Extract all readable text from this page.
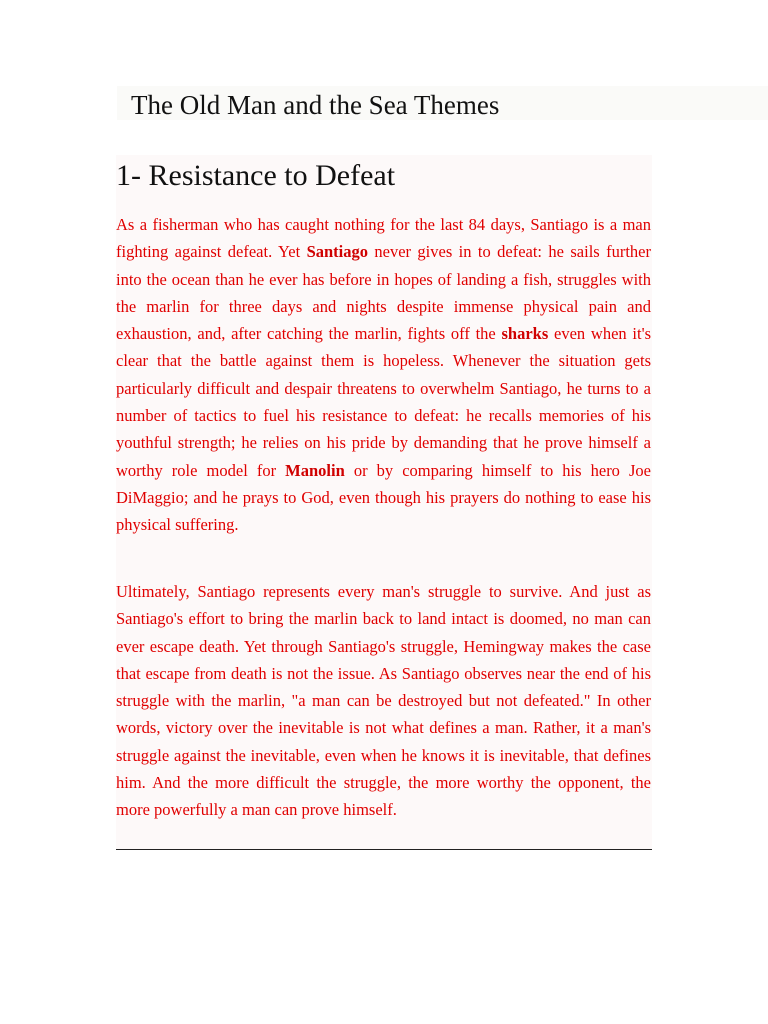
The Old Man and the Sea Themes
1- Resistance to Defeat

As a fisherman who has caught nothing for the last 84 days, Santiago is a man fighting against defeat. Yet Santiago never gives in to defeat: he sails further into the ocean than he ever has before in hopes of landing a fish, struggles with the marlin for three days and nights despite immense physical pain and exhaustion, and, after catching the marlin, fights off the sharks even when it's clear that the battle against them is hopeless. Whenever the situation gets particularly difficult and despair threatens to overwhelm Santiago, he turns to a number of tactics to fuel his resistance to defeat: he recalls memories of his youthful strength; he relies on his pride by demanding that he prove himself a worthy role model for Manolin or by comparing himself to his hero Joe DiMaggio; and he prays to God, even though his prayers do nothing to ease his physical suffering.

Ultimately, Santiago represents every man's struggle to survive. And just as Santiago's effort to bring the marlin back to land intact is doomed, no man can ever escape death. Yet through Santiago's struggle, Hemingway makes the case that escape from death is not the issue. As Santiago observes near the end of his struggle with the marlin, "a man can be destroyed but not defeated." In other words, victory over the inevitable is not what defines a man. Rather, it a man's struggle against the inevitable, even when he knows it is inevitable, that defines him. And the more difficult the struggle, the more worthy the opponent, the more powerfully a man can prove himself.
